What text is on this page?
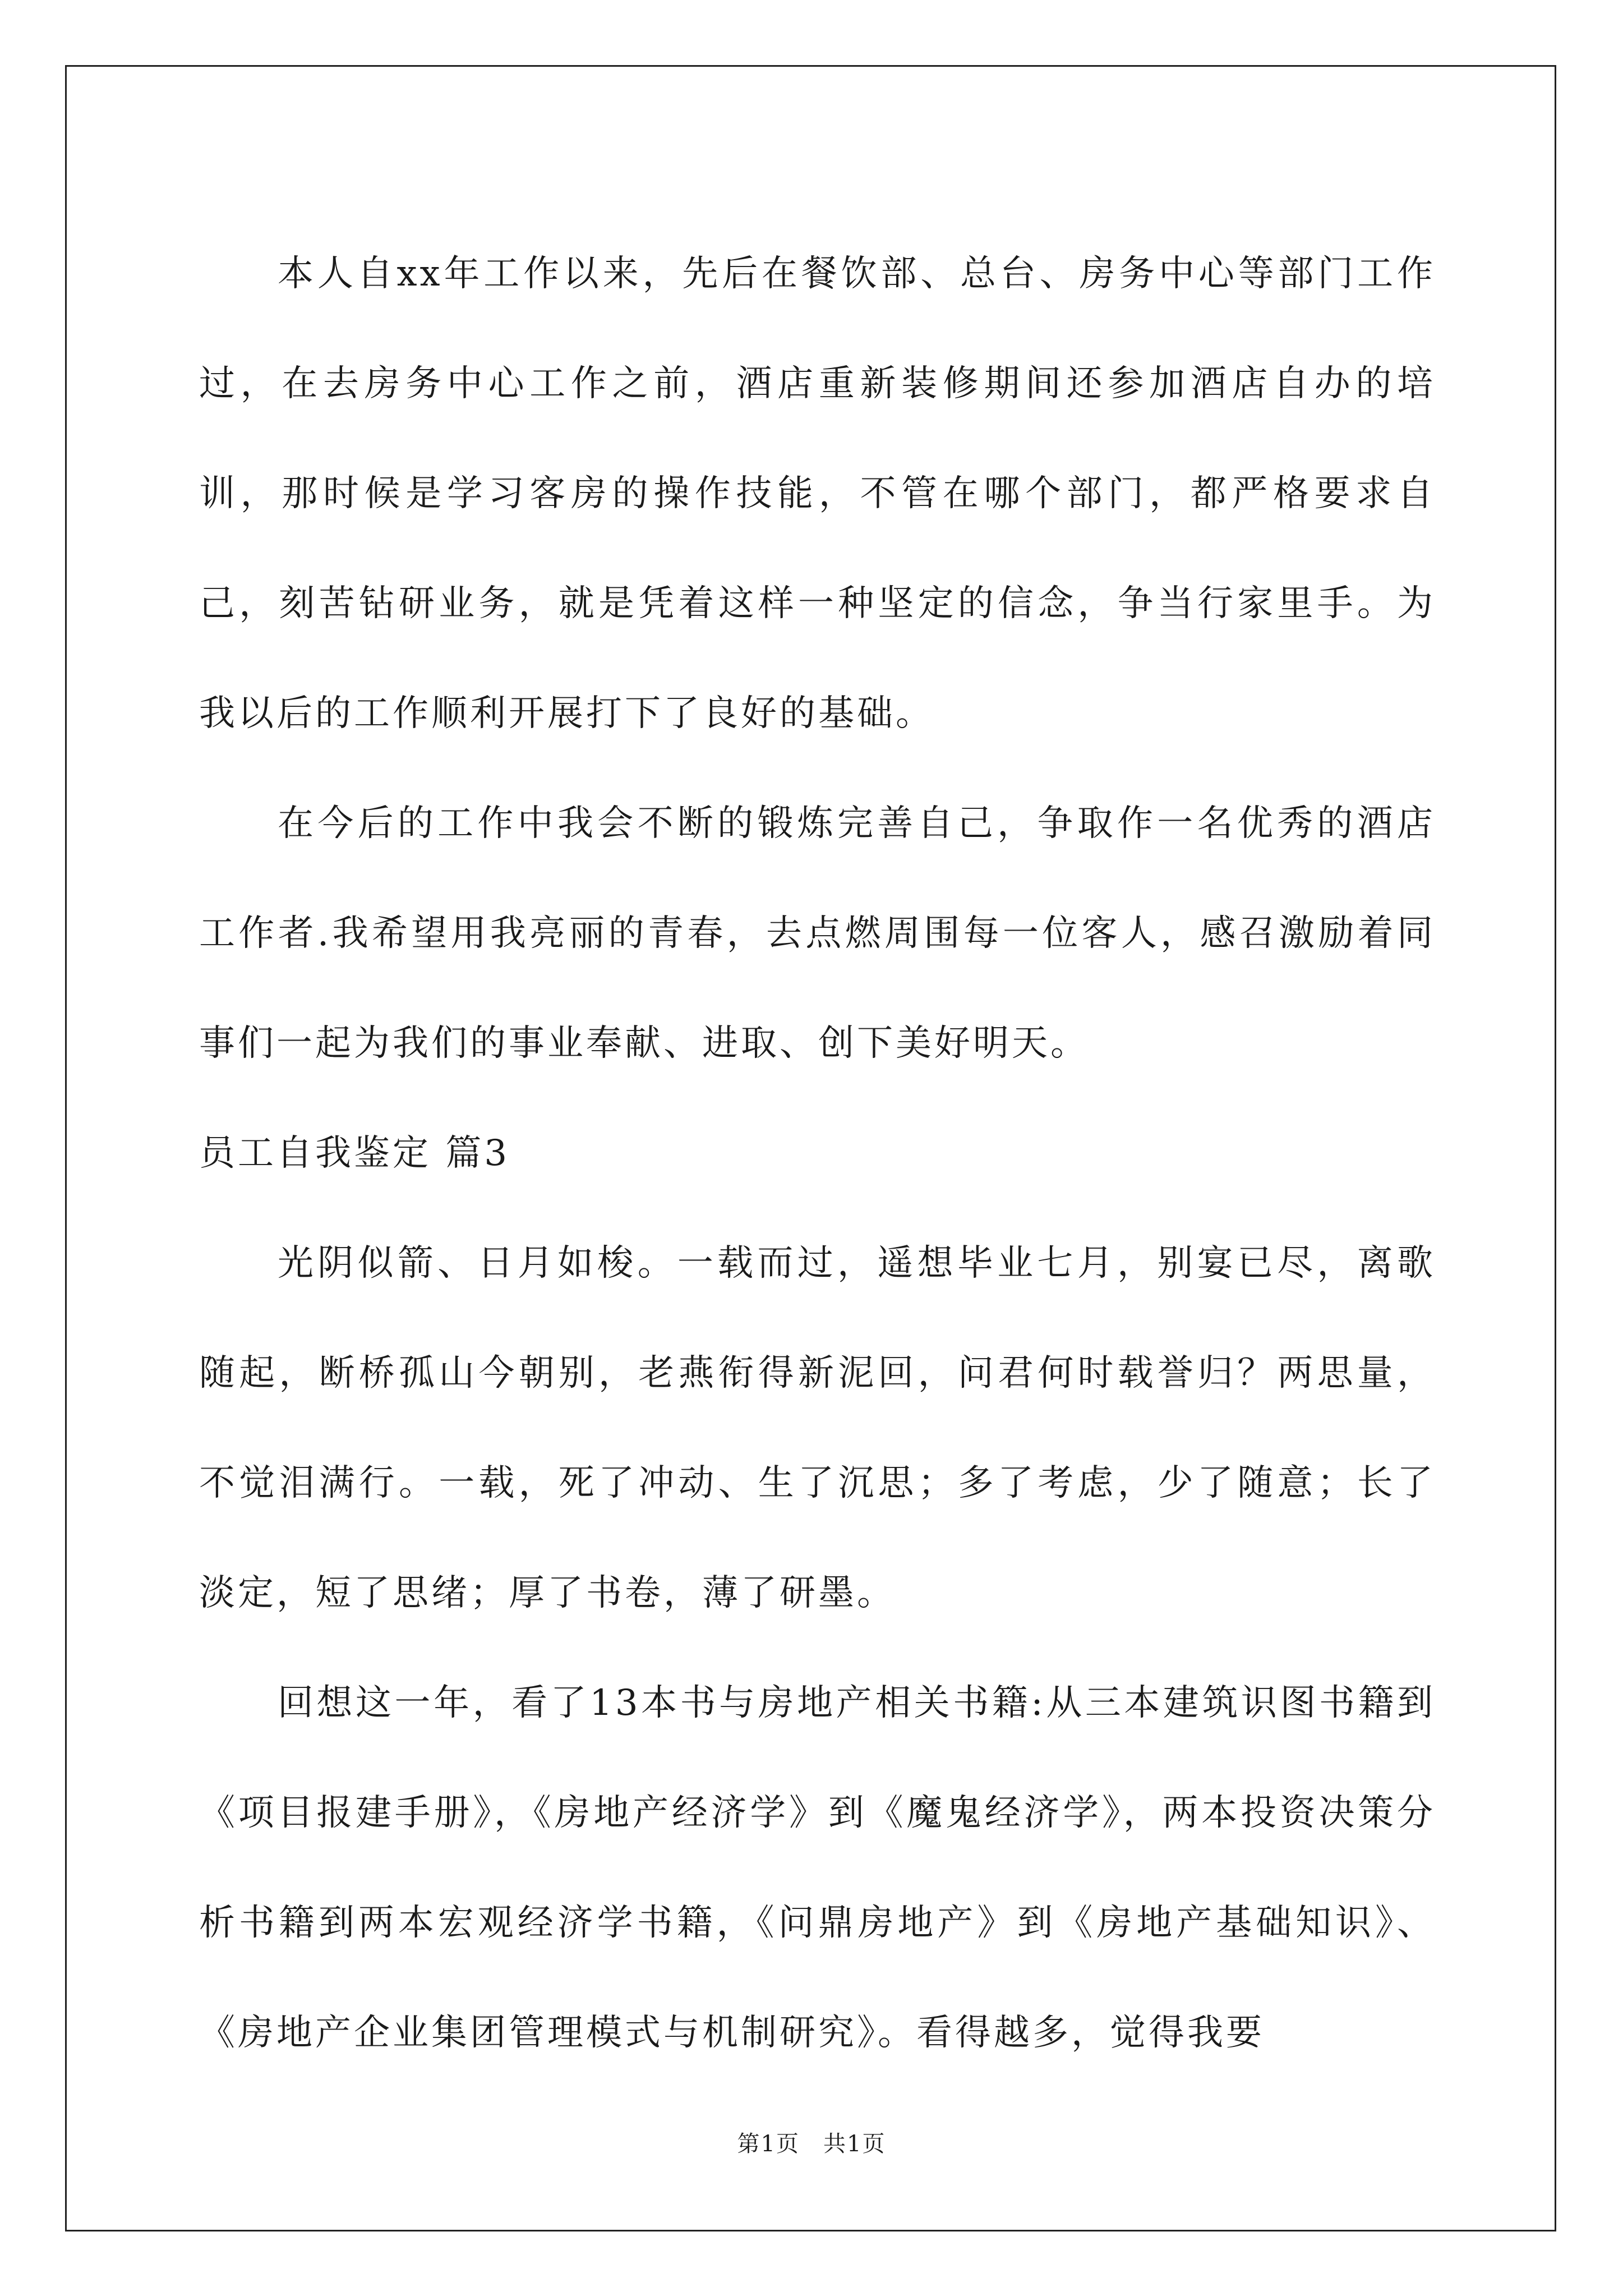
本人自xx年工作以来，先后在餐饮部、总台、房务中心等部门工作过，在去房务中心工作之前，酒店重新装修期间还参加酒店自办的培训，那时候是学习客房的操作技能，不管在哪个部门，都严格要求自己，刻苦钻研业务，就是凭着这样一种坚定的信念，争当行家里手。为我以后的工作顺利开展打下了良好的基础。

在今后的工作中我会不断的锻炼完善自己，争取作一名优秀的酒店工作者.我希望用我亮丽的青春，去点燃周围每一位客人，感召激励着同事们一起为我们的事业奉献、进取、创下美好明天。

员工自我鉴定 篇3

光阴似箭、日月如梭。一载而过，遥想毕业七月，别宴已尽，离歌随起，断桥孤山今朝别，老燕衔得新泥回，问君何时载誉归？两思量，不觉泪满行。一载，死了冲动、生了沉思；多了考虑，少了随意；长了淡定，短了思绪；厚了书卷，薄了研墨。

回想这一年，看了13本书与房地产相关书籍:从三本建筑识图书籍到《项目报建手册》，《房地产经济学》到《魔鬼经济学》，两本投资决策分析书籍到两本宏观经济学书籍，《问鼎房地产》到《房地产基础知识》、《房地产企业集团管理模式与机制研究》。看得越多，觉得我要

第1页　共1页
